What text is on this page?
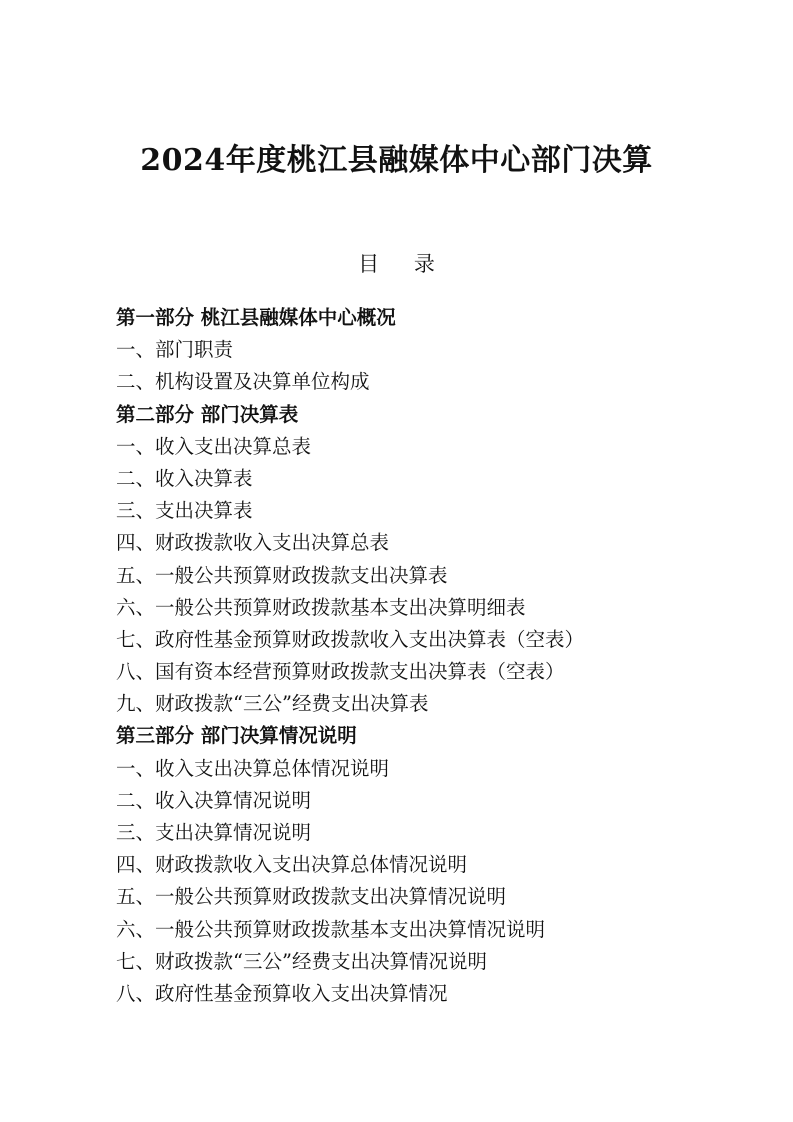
2024年度桃江县融媒体中心部门决算
目 录
第一部分 桃江县融媒体中心概况
一、部门职责
二、机构设置及决算单位构成
第二部分 部门决算表
一、收入支出决算总表
二、收入决算表
三、支出决算表
四、财政拨款收入支出决算总表
五、一般公共预算财政拨款支出决算表
六、一般公共预算财政拨款基本支出决算明细表
七、政府性基金预算财政拨款收入支出决算表（空表）
八、国有资本经营预算财政拨款支出决算表（空表）
九、财政拨款“三公”经费支出决算表
第三部分 部门决算情况说明
一、收入支出决算总体情况说明
二、收入决算情况说明
三、支出决算情况说明
四、财政拨款收入支出决算总体情况说明
五、一般公共预算财政拨款支出决算情况说明
六、一般公共预算财政拨款基本支出决算情况说明
七、财政拨款“三公”经费支出决算情况说明
八、政府性基金预算收入支出决算情况
